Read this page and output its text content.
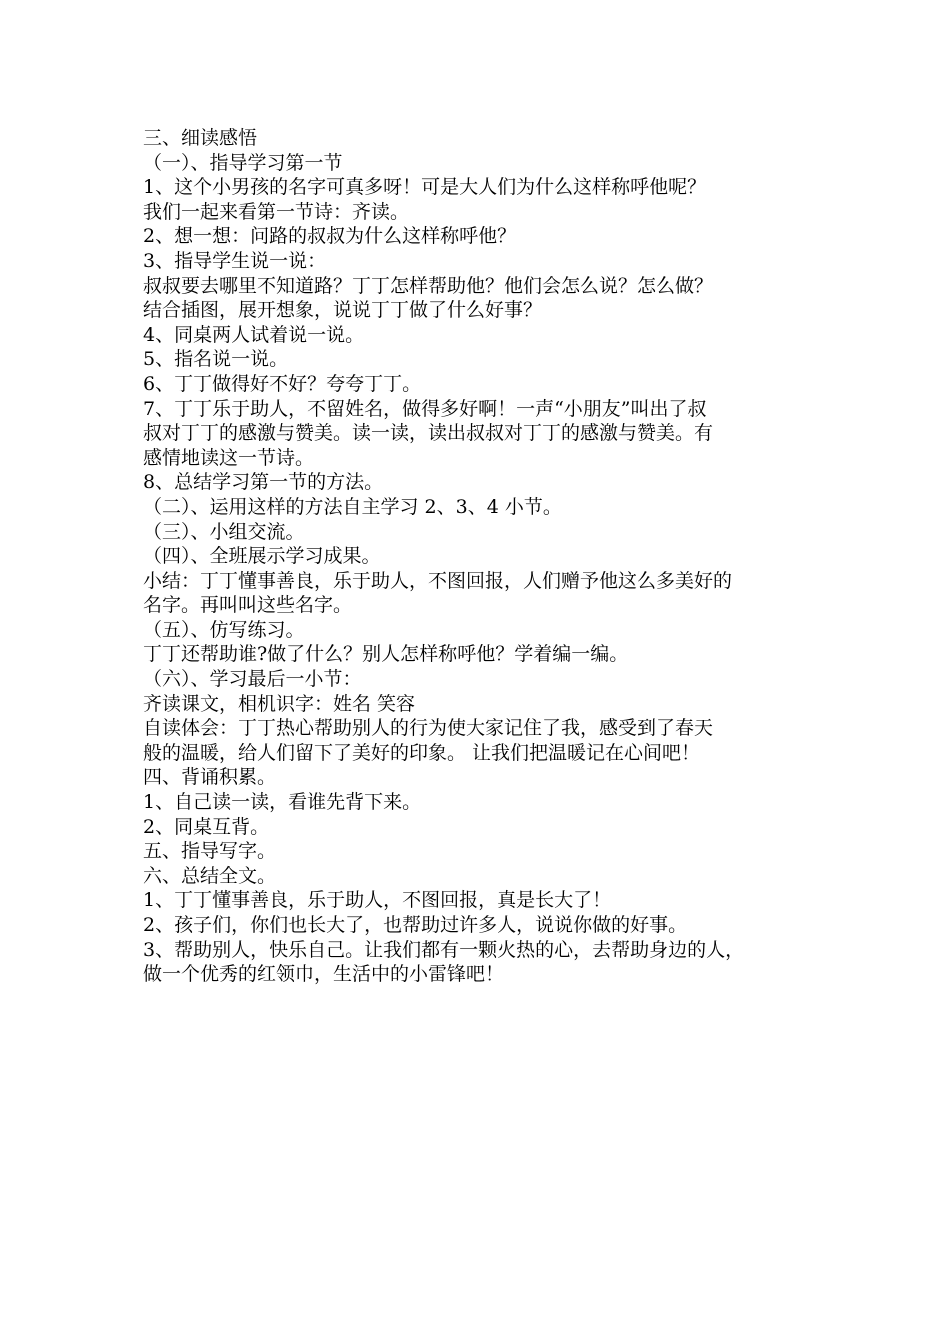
三、细读感悟
（一）、指导学习第一节
1、这个小男孩的名字可真多呀！可是大人们为什么这样称呼他呢？
我们一起来看第一节诗：齐读。
2、想一想：问路的叔叔为什么这样称呼他？
3、指导学生说一说：
叔叔要去哪里不知道路？丁丁怎样帮助他？他们会怎么说？怎么做？
结合插图，展开想象，说说丁丁做了什么好事？
4、同桌两人试着说一说。
5、指名说一说。
6、丁丁做得好不好？夸夸丁丁。
7、丁丁乐于助人，不留姓名，做得多好啊！一声“小朋友”叫出了叔
叔对丁丁的感激与赞美。读一读，读出叔叔对丁丁的感激与赞美。有
感情地读这一节诗。
8、总结学习第一节的方法。
（二）、运用这样的方法自主学习 2、3、4 小节。
（三）、小组交流。
（四）、全班展示学习成果。
小结：丁丁懂事善良，乐于助人，不图回报，人们赠予他这么多美好的
名字。再叫叫这些名字。
（五）、仿写练习。
丁丁还帮助谁?做了什么？别人怎样称呼他？学着编一编。
（六）、学习最后一小节：
齐读课文，相机识字：姓名 笑容
自读体会：丁丁热心帮助别人的行为使大家记住了我，感受到了春天
般的温暖，给人们留下了美好的印象。 让我们把温暖记在心间吧！
四、背诵积累。
1、自己读一读，看谁先背下来。
2、同桌互背。
五、指导写字。
六、总结全文。
1、丁丁懂事善良，乐于助人，不图回报，真是长大了！
2、孩子们，你们也长大了，也帮助过许多人，说说你做的好事。
3、帮助别人，快乐自己。让我们都有一颗火热的心，去帮助身边的人，
做一个优秀的红领巾，生活中的小雷锋吧！
